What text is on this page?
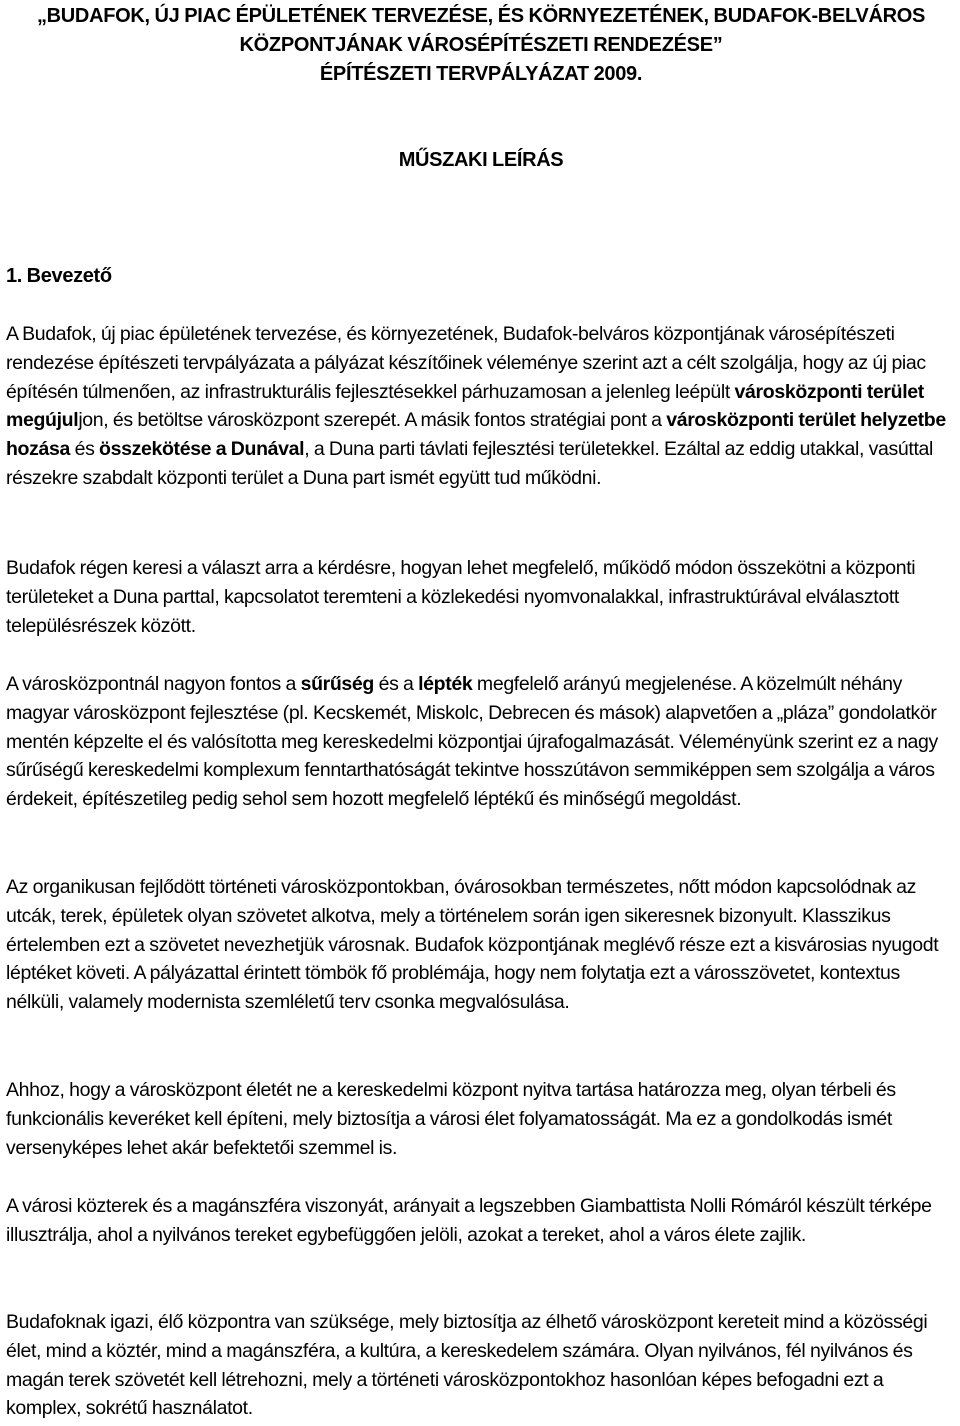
„BUDAFOK, ÚJ PIAC ÉPÜLETÉNEK TERVEZÉSE, ÉS KÖRNYEZETÉNEK, BUDAFOK-BELVÁROS

KÖZPONTJÁNAK VÁROSÉPÍTÉSZETI RENDEZÉSE”

ÉPÍTÉSZETI TERVPÁLYÁZAT 2009.

MŰSZAKI LEÍRÁS
1. Bevezető

A Budafok, új piac épületének tervezése, és környezetének, Budafok-belváros központjának városépítészeti rendezése építészeti tervpályázata a pályázat készítőinek véleménye szerint azt a célt szolgálja, hogy az új piac építésén túlmenően, az infrastrukturális fejlesztésekkel párhuzamosan a jelenleg leépült városközponti terület megújuljon, és betöltse városközpont szerepét. A másik fontos stratégiai pont a városközponti terület helyzetbe hozása és összekötése a Dunával, a Duna parti távlati fejlesztési területekkel. Ezáltal az eddig utakkal, vasúttal részekre szabdalt központi terület a Duna part ismét együtt tud működni.

Budafok régen keresi a választ arra a kérdésre, hogyan lehet megfelelő, működő módon összekötni a központi területeket a Duna parttal, kapcsolatot teremteni a közlekedési nyomvonalakkal, infrastruktúrával elválasztott településrészek között.

A városközpontnál nagyon fontos a sűrűség és a lépték megfelelő arányú megjelenése. A közelmúlt néhány magyar városközpont fejlesztése (pl. Kecskemét, Miskolc, Debrecen és mások) alapvetően a „pláza” gondolatkör mentén képzelte el és valósította meg kereskedelmi központjai újrafogalmazását. Véleményünk szerint ez a nagy sűrűségű kereskedelmi komplexum fenntarthatóságát tekintve hosszútávon semmiképpen sem szolgálja a város érdekeit, építészetileg pedig sehol sem hozott megfelelő léptékű és minőségű megoldást.

Az organikusan fejlődött történeti városközpontokban, óvárosokban természetes, nőtt módon kapcsolódnak az utcák, terek, épületek olyan szövetet alkotva, mely a történelem során igen sikeresnek bizonyult. Klasszikus értelemben ezt a szövetet nevezhetjük városnak. Budafok központjának meglévő része ezt a kisvárosias nyugodt léptéket követi. A pályázattal érintett tömbök fő problémája, hogy nem folytatja ezt a városszövetet, kontextus nélküli, valamely modernista szemléletű terv csonka megvalósulása.

Ahhoz, hogy a városközpont életét ne a kereskedelmi központ nyitva tartása határozza meg, olyan térbeli és funkcionális keveréket kell építeni, mely biztosítja a városi élet folyamatosságát. Ma ez a gondolkodás ismét versenyképes lehet akár befektetői szemmel is.

A városi közterek és a magánszféra viszonyát, arányait a legszebben Giambattista Nolli Rómáról készült térképe illusztrálja, ahol a nyilvános tereket egybefüggően jelöli, azokat a tereket, ahol a város élete zajlik.

Budafoknak igazi, élő központra van szüksége, mely biztosítja az élhető városközpont kereteit mind a közösségi élet, mind a köztér, mind a magánszféra, a kultúra, a kereskedelem számára. Olyan nyilvános, fél nyilvános és magán terek szövetét kell létrehozni, mely a történeti városközpontokhoz hasonlóan képes befogadni ezt a komplex, sokrétű használatot.
